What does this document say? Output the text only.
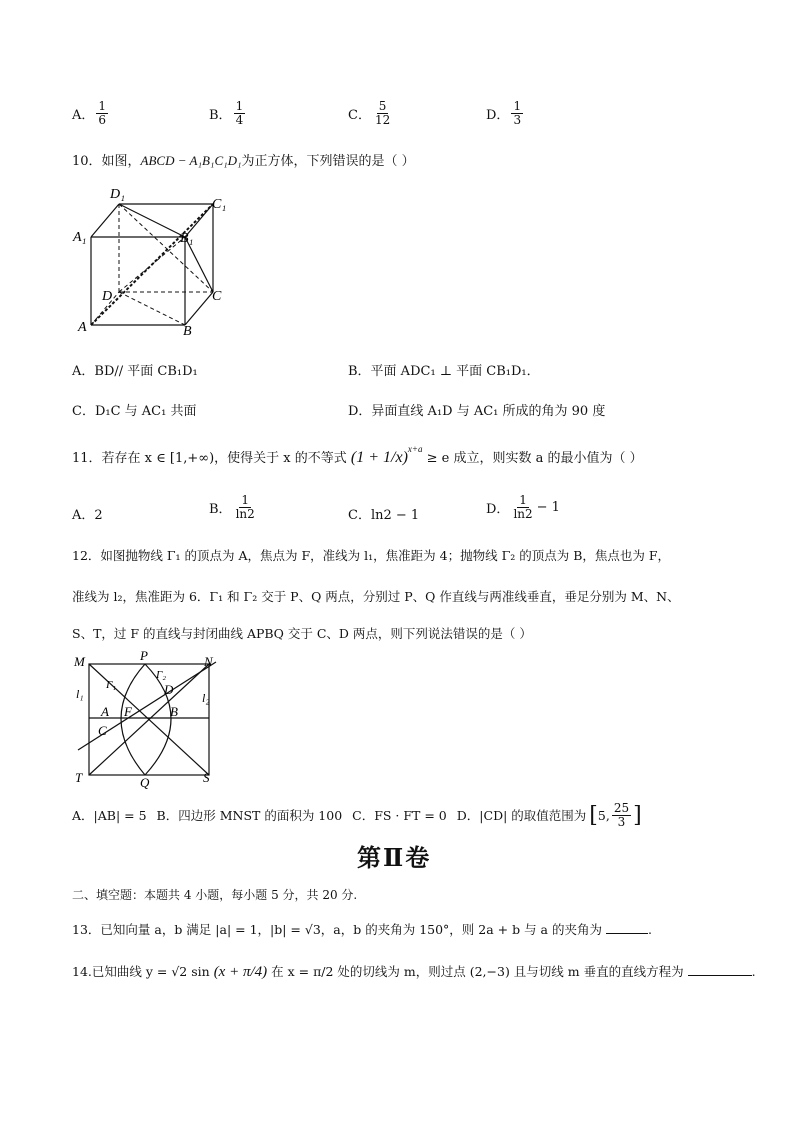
A． $\frac{1}{6}$	B． $\frac{1}{4}$	C． $\frac{5}{12}$	D． $\frac{1}{3}$
10．如图，ABCD − A₁B₁C₁D₁为正方体，下列错误的是（ ）
D₁
C₁
A₁	B₁
D	C
A	B
A．BD// 平面 CB₁D₁	B．平面 ADC₁ ⊥ 平面 CB₁D₁．
C．D₁C 与 AC₁ 共面	D．异面直线 A₁D 与 AC₁ 所成的角为 90 度
11．若存在 x ∈ [1,+∞)，使得关于 x 的不等式 $(1 + 1/x)^{x+a} \ge e$ 成立，则实数 a 的最小值为（ ）
A．2	B． $\frac{1}{\ln 2}$	C．ln2 − 1	D． $\frac{1}{\ln 2} - 1$
12．如图抛物线 Γ₁ 的顶点为 A，焦点为 F，准线为 l₁，焦准距为 4；抛物线 Γ₂ 的顶点为 B，焦点也为 F，
准线为 l₂，焦准距为 6．Γ₁ 和 Γ₂ 交于 P、Q 两点，分别过 P、Q 作直线与两准线垂直，垂足分别为 M、N、
S、T，过 F 的直线与封闭曲线 APBQ 交于 C、D 两点，则下列说法错误的是（ ）
M	P	N
Γ₁
Γ₂
D
l₁	l₂
A F	B
C
T	Q	S
A．|AB| = 5 B．四边形 MNST 的面积为 100 C．FS · FT = 0 D．|CD| 的取值范围为 [ 5, $\frac{25}{3}$ ]
第Ⅱ卷
二、填空题：本题共 4 小题，每小题 5 分，共 20 分.
13．已知向量 a，b 满足 |a| = 1，|b| = √3，a，b 的夹角为 150°，则 2a + b 与 a 的夹角为	.
14.已知曲线 y = √2 sin (x + π/4) 在 x = π/2 处的切线为 m，则过点 (2,−3) 且与切线 m 垂直的直线方程为	.
